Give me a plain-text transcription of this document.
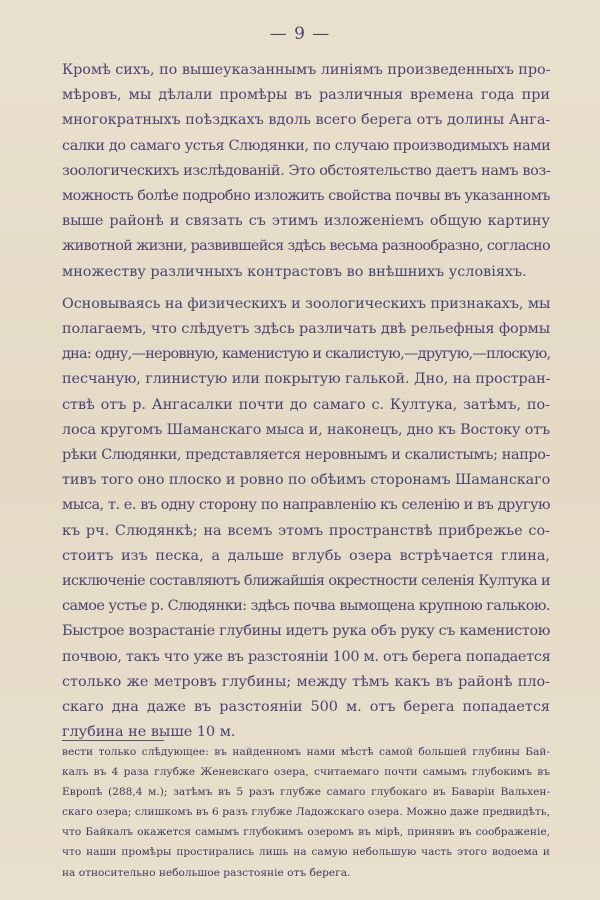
— 9 —
Кромѣ сихъ, по вышеуказаннымъ линіямъ произведенныхъ про-
мѣровъ, мы дѣлали промѣры въ различныя времена года при
многократныхъ поѣздкахъ вдоль всего берега отъ долины Анга-
салки до самаго устья Слюдянки, по случаю производимыхъ нами
зоологическихъ изслѣдованій. Это обстоятельство даетъ намъ воз-
можность болѣе подробно изложить свойства почвы въ указанномъ
выше районѣ и связать съ этимъ изложеніемъ общую картину
животной жизни, развившейся здѣсь весьма разнообразно, согласно
множеству различныхъ контрастовъ во внѣшнихъ условіяхъ.
Основываясь на физическихъ и зоологическихъ признакахъ, мы
полагаемъ, что слѣдуетъ здѣсь различать двѣ рельефныя формы
дна: одну,—неровную, каменистую и скалистую,—другую,—плоскую,
песчаную, глинистую или покрытую галькой. Дно, на простран-
ствѣ отъ р. Ангасалки почти до самаго с. Култука, затѣмъ, по-
лоса кругомъ Шаманскаго мыса и, наконецъ, дно къ Востоку отъ
рѣки Слюдянки, представляется неровнымъ и скалистымъ; напро-
тивъ того оно плоско и ровно по обѣимъ сторонамъ Шаманскаго
мыса, т. е. въ одну сторону по направленію къ селенію и въ другую
къ рч. Слюдянкѣ; на всемъ этомъ пространствѣ прибрежье со-
стоитъ изъ песка, а дальше вглубь озера встрѣчается глина,
исключеніе составляютъ ближайшія окрестности селенія Култука и
самое устье р. Слюдянки: здѣсь почва вымощена крупною галькою.
Быстрое возрастаніе глубины идетъ рука объ руку съ каменистою
почвою, такъ что уже въ разстояніи 100 м. отъ берега попадается
столько же метровъ глубины; между тѣмъ какъ въ районѣ пло-
скаго дна даже въ разстояніи 500 м. отъ берега попадается
глубина не выше 10 м.
вести только слѣдующее: въ найденномъ нами мѣстѣ самой большей глубины Бай-
калъ въ 4 раза глубже Женевскаго озера, считаемаго почти самымъ глубокимъ въ
Европѣ (288,4 м.); затѣмъ въ 5 разъ глубже самаго глубокаго въ Баваріи Вальхен-
скаго озера; слишкомъ въ 6 разъ глубже Ладожскаго озера. Можно даже предвидѣть,
что Байкалъ окажется самымъ глубокимъ озеромъ въ мірѣ, принявъ въ соображеніе,
что наши промѣры простирались лишь на самую небольшую часть этого водоема и
на относительно небольшое разстояніе отъ берега.
